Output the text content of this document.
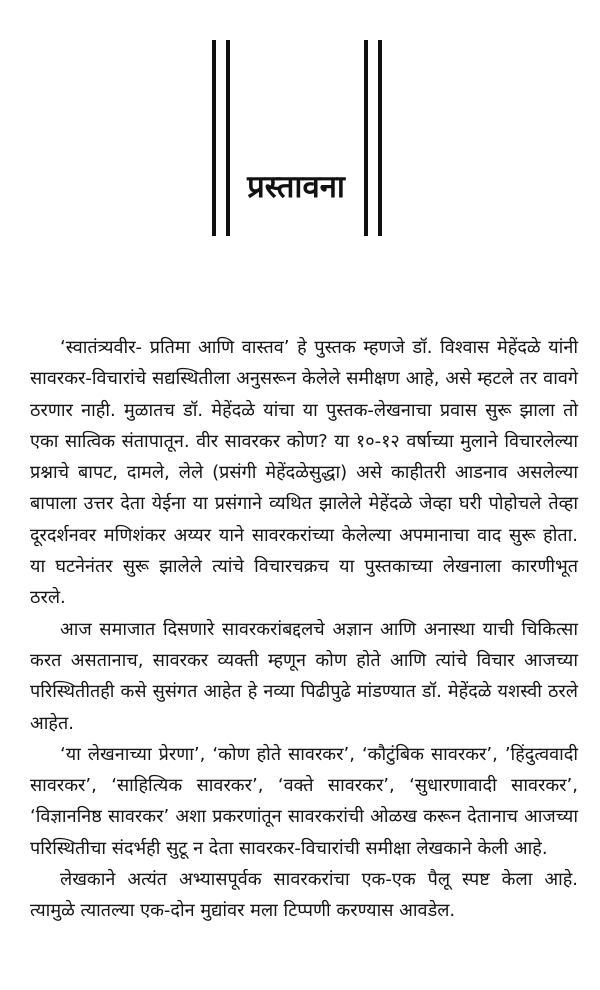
प्रस्तावना

‘स्वातंत्र्यवीर- प्रतिमा आणि वास्तव’ हे पुस्तक म्हणजे डॉ. विश्वास मेहेंदळे यांनी सावरकर-विचारांचे सद्यस्थितीला अनुसरून केलेले समीक्षण आहे, असे म्हटले तर वावगे ठरणार नाही. मुळातच डॉ. मेहेंदळे यांचा या पुस्तक-लेखनाचा प्रवास सुरू झाला तो एका सात्विक संतापातून. वीर सावरकर कोण? या १०-१२ वर्षाच्या मुलाने विचारलेल्या प्रश्नाचे बापट, दामले, लेले (प्रसंगी मेहेंदळेसुद्धा) असे काहीतरी आडनाव असलेल्या बापाला उत्तर देता येईना या प्रसंगाने व्यथित झालेले मेहेंदळे जेव्हा घरी पोहोचले तेव्हा दूरदर्शनवर मणिशंकर अय्यर याने सावरकरांच्या केलेल्या अपमानाचा वाद सुरू होता. या घटनेनंतर सुरू झालेले त्यांचे विचारचक्रच या पुस्तकाच्या लेखनाला कारणीभूत ठरले.

आज समाजात दिसणारे सावरकरांबद्दलचे अज्ञान आणि अनास्था याची चिकित्सा करत असतानाच, सावरकर व्यक्ती म्हणून कोण होते आणि त्यांचे विचार आजच्या परिस्थितीतही कसे सुसंगत आहेत हे नव्या पिढीपुढे मांडण्यात डॉ. मेहेंदळे यशस्वी ठरले आहेत.

‘या लेखनाच्या प्रेरणा’, ‘कोण होते सावरकर’, ‘कौटुंबिक सावरकर’, ’हिंदुत्ववादी सावरकर’, ‘साहित्यिक सावरकर’, ‘वक्ते सावरकर’, ‘सुधारणावादी सावरकर’, ‘विज्ञाननिष्ठ सावरकर’ अशा प्रकरणांतून सावरकरांची ओळख करून देतानाच आजच्या परिस्थितीचा संदर्भही सुटू न देता सावरकर-विचारांची समीक्षा लेखकाने केली आहे.

लेखकाने अत्यंत अभ्यासपूर्वक सावरकरांचा एक-एक पैलू स्पष्ट केला आहे. त्यामुळे त्यातल्या एक-दोन मुद्यांवर मला टिप्पणी करण्यास आवडेल.
